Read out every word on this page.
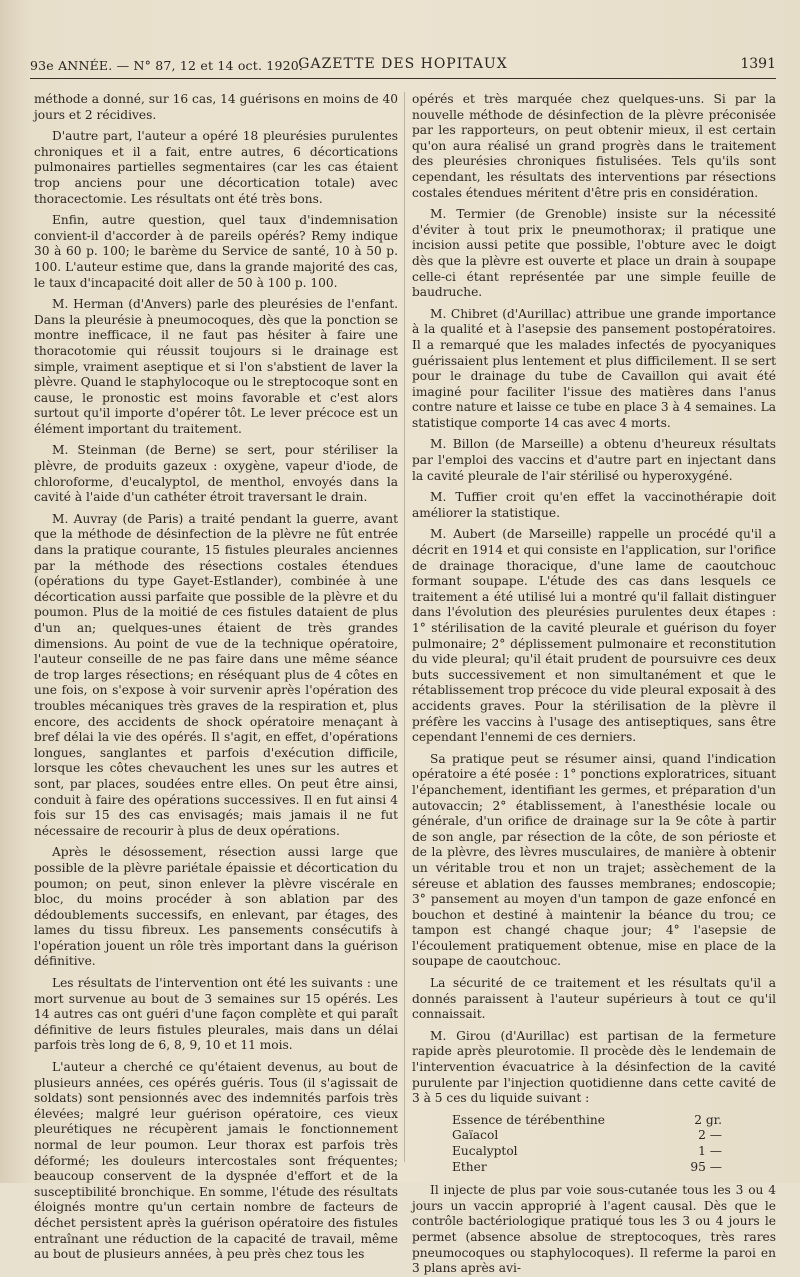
93e ANNÉE. — N° 87, 12 et 14 oct. 1920.
GAZETTE DES HOPITAUX	1391

méthode a donné, sur 16 cas, 14 guérisons en moins de 40 jours et 2 récidives.

D'autre part, l'auteur a opéré 18 pleurésies purulentes chroniques et il a fait, entre autres, 6 décortications pulmonaires partielles segmentaires (car les cas étaient trop anciens pour une décortication totale) avec thoracectomie. Les résultats ont été très bons.

Enfin, autre question, quel taux d'indemnisation convient-il d'accorder à de pareils opérés? Remy indique 30 à 60 p. 100; le barème du Service de santé, 10 à 50 p. 100. L'auteur estime que, dans la grande majorité des cas, le taux d'incapacité doit aller de 50 à 100 p. 100.

M. Herman (d'Anvers) parle des pleurésies de l'enfant. Dans la pleurésie à pneumocoques, dès que la ponction se montre inefficace, il ne faut pas hésiter à faire une thoracotomie qui réussit toujours si le drainage est simple, vraiment aseptique et si l'on s'abstient de laver la plèvre. Quand le staphylocoque ou le streptocoque sont en cause, le pronostic est moins favorable et c'est alors surtout qu'il importe d'opérer tôt. Le lever précoce est un élément important du traitement.

M. Steinman (de Berne) se sert, pour stériliser la plèvre, de produits gazeux : oxygène, vapeur d'iode, de chloroforme, d'eucalyptol, de menthol, envoyés dans la cavité à l'aide d'un cathéter étroit traversant le drain.

M. Auvray (de Paris) a traité pendant la guerre, avant que la méthode de désinfection de la plèvre ne fût entrée dans la pratique courante, 15 fistules pleurales anciennes par la méthode des résections costales étendues (opérations du type Gayet-Estlander), combinée à une décortication aussi parfaite que possible de la plèvre et du poumon. Plus de la moitié de ces fistules dataient de plus d'un an; quelques-unes étaient de très grandes dimensions. Au point de vue de la technique opératoire, l'auteur conseille de ne pas faire dans une même séance de trop larges résections; en réséquant plus de 4 côtes en une fois, on s'expose à voir survenir après l'opération des troubles mécaniques très graves de la respiration et, plus encore, des accidents de shock opératoire menaçant à bref délai la vie des opérés. Il s'agit, en effet, d'opérations longues, sanglantes et parfois d'exécution difficile, lorsque les côtes chevauchent les unes sur les autres et sont, par places, soudées entre elles. On peut être ainsi, conduit à faire des opérations successives. Il en fut ainsi 4 fois sur 15 des cas envisagés; mais jamais il ne fut nécessaire de recourir à plus de deux opérations.

Après le désossement, résection aussi large que possible de la plèvre pariétale épaissie et décortication du poumon; on peut, sinon enlever la plèvre viscérale en bloc, du moins procéder à son ablation par des dédoublements successifs, en enlevant, par étages, des lames du tissu fibreux. Les pansements consécutifs à l'opération jouent un rôle très important dans la guérison définitive.

Les résultats de l'intervention ont été les suivants : une mort survenue au bout de 3 semaines sur 15 opérés. Les 14 autres cas ont guéri d'une façon complète et qui paraît définitive de leurs fistules pleurales, mais dans un délai parfois très long de 6, 8, 9, 10 et 11 mois.

L'auteur a cherché ce qu'étaient devenus, au bout de plusieurs années, ces opérés guéris. Tous (il s'agissait de soldats) sont pensionnés avec des indemnités parfois très élevées; malgré leur guérison opératoire, ces vieux pleurétiques ne récupèrent jamais le fonctionnement normal de leur poumon. Leur thorax est parfois très déformé; les douleurs intercostales sont fréquentes; beaucoup conservent de la dyspnée d'effort et de la susceptibilité bronchique. En somme, l'étude des résultats éloignés montre qu'un certain nombre de facteurs de déchet persistent après la guérison opératoire des fistules entraînant une réduction de la capacité de travail, même au bout de plusieurs années, à peu près chez tous les

opérés et très marquée chez quelques-uns. Si par la nouvelle méthode de désinfection de la plèvre préconisée par les rapporteurs, on peut obtenir mieux, il est certain qu'on aura réalisé un grand progrès dans le traitement des pleurésies chroniques fistulisées. Tels qu'ils sont cependant, les résultats des interventions par résections costales étendues méritent d'être pris en considération.

M. Termier (de Grenoble) insiste sur la nécessité d'éviter à tout prix le pneumothorax; il pratique une incision aussi petite que possible, l'obture avec le doigt dès que la plèvre est ouverte et place un drain à soupape celle-ci étant représentée par une simple feuille de baudruche.

M. Chibret (d'Aurillac) attribue une grande importance à la qualité et à l'asepsie des pansement postopératoires. Il a remarqué que les malades infectés de pyocyaniques guérissaient plus lentement et plus difficilement. Il se sert pour le drainage du tube de Cavaillon qui avait été imaginé pour faciliter l'issue des matières dans l'anus contre nature et laisse ce tube en place 3 à 4 semaines. La statistique comporte 14 cas avec 4 morts.

M. Billon (de Marseille) a obtenu d'heureux résultats par l'emploi des vaccins et d'autre part en injectant dans la cavité pleurale de l'air stérilisé ou hyperoxygéné.

M. Tuffier croit qu'en effet la vaccinothérapie doit améliorer la statistique.

M. Aubert (de Marseille) rappelle un procédé qu'il a décrit en 1914 et qui consiste en l'application, sur l'orifice de drainage thoracique, d'une lame de caoutchouc formant soupape. L'étude des cas dans lesquels ce traitement a été utilisé lui a montré qu'il fallait distinguer dans l'évolution des pleurésies purulentes deux étapes : 1° stérilisation de la cavité pleurale et guérison du foyer pulmonaire; 2° déplissement pulmonaire et reconstitution du vide pleural; qu'il était prudent de poursuivre ces deux buts successivement et non simultanément et que le rétablissement trop précoce du vide pleural exposait à des accidents graves. Pour la stérilisation de la plèvre il préfère les vaccins à l'usage des antiseptiques, sans être cependant l'ennemi de ces derniers.

Sa pratique peut se résumer ainsi, quand l'indication opératoire a été posée : 1° ponctions exploratrices, situant l'épanchement, identifiant les germes, et préparation d'un autovaccin; 2° établissement, à l'anesthésie locale ou générale, d'un orifice de drainage sur la 9e côte à partir de son angle, par résection de la côte, de son périoste et de la plèvre, des lèvres musculaires, de manière à obtenir un véritable trou et non un trajet; assèchement de la séreuse et ablation des fausses membranes; endoscopie; 3° pansement au moyen d'un tampon de gaze enfoncé en bouchon et destiné à maintenir la béance du trou; ce tampon est changé chaque jour; 4° l'asepsie de l'écoulement pratiquement obtenue, mise en place de la soupape de caoutchouc.

La sécurité de ce traitement et les résultats qu'il a donnés paraissent à l'auteur supérieurs à tout ce qu'il connaissait.

M. Girou (d'Aurillac) est partisan de la fermeture rapide après pleurotomie. Il procède dès le lendemain de l'intervention évacuatrice à la désinfection de la cavité purulente par l'injection quotidienne dans cette cavité de 3 à 5 ces du liquide suivant :

Essence de térébenthine	2 gr.
Gaïacol	2 —
Eucalyptol	1 —
Ether	95 —

Il injecte de plus par voie sous-cutanée tous les 3 ou 4 jours un vaccin approprié à l'agent causal. Dès que le contrôle bactériologique pratiqué tous les 3 ou 4 jours le permet (absence absolue de streptocoques, très rares pneumocoques ou staphylocoques). Il referme la paroi en 3 plans après avi-
